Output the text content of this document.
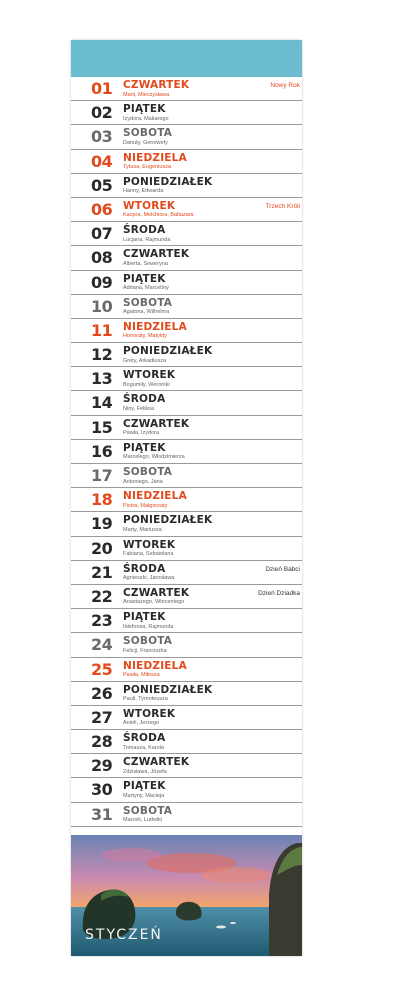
01 CZWARTEK
Marii, Mieczysława
Nowy Rok
02 PIĄTEK
Izydora, Makarego
03 SOBOTA
Danuty, Genowefy
04 NIEDZIELA
Tytusa, Eugeniusza
05 PONIEDZIAŁEK
Hanny, Edwarda
06 WTOREK
Kacpra, Melchiora, Baltazara
Trzech Króli
07 ŚRODA
Lucjana, Rajmunda
08 CZWARTEK
Alberta, Seweryna
09 PIĄTEK
Adriana, Marcelíny
10 SOBOTA
Agatona, Wilhelma
11 NIEDZIELA
Honoraty, Matyldy
12 PONIEDZIAŁEK
Grety, Arkadiusza
13 WTOREK
Bogumiły, Weroniki
14 ŚRODA
Niny, Feliksa
15 CZWARTEK
Pawła, Izydora
16 PIĄTEK
Marcelego, Włodzimierza
17 SOBOTA
Antoniego, Jana
18 NIEDZIELA
Piotra, Małgorzaty
19 PONIEDZIAŁEK
Marty, Mariusza
20 WTOREK
Fabiana, Sebastiana
21 ŚRODA
Agnieszki, Jarosława
Dzień Babci
22 CZWARTEK
Anastazego, Wincentego
Dzień Dziadka
23 PIĄTEK
Ildefonsa, Rajmunda
24 SOBOTA
Felicji, Franciszka
25 NIEDZIELA
Pawła, Miłosza
26 PONIEDZIAŁEK
Pauli, Tymoteusza
27 WTOREK
Anieli, Jerzego
28 ŚRODA
Tomasza, Karola
29 CZWARTEK
Zdzisława, Józefa
30 PIĄTEK
Martyny, Macieja
31 SOBOTA
Marceli, Ludwiki
STYCZEŃ
